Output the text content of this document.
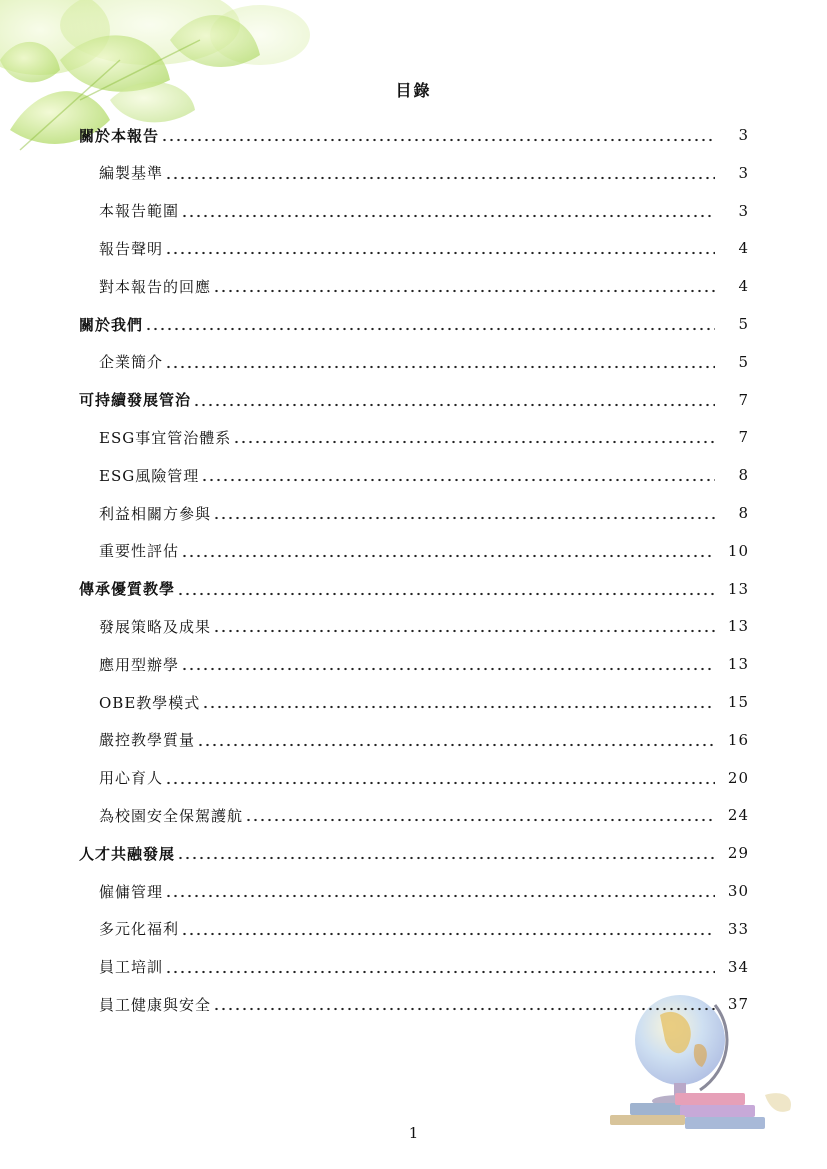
目錄
關於本報告	3
編製基準	3
本報告範圍	3
報告聲明	4
對本報告的回應	4
關於我們	5
企業簡介	5
可持續發展管治	7
ESG事宜管治體系	7
ESG風險管理	8
利益相關方參與	8
重要性評估	10
傳承優質教學	13
發展策略及成果	13
應用型辦學	13
OBE教學模式	15
嚴控教學質量	16
用心育人	20
為校園安全保駕護航	24
人才共融發展	29
僱傭管理	30
多元化福利	33
員工培訓	34
員工健康與安全	37
1
